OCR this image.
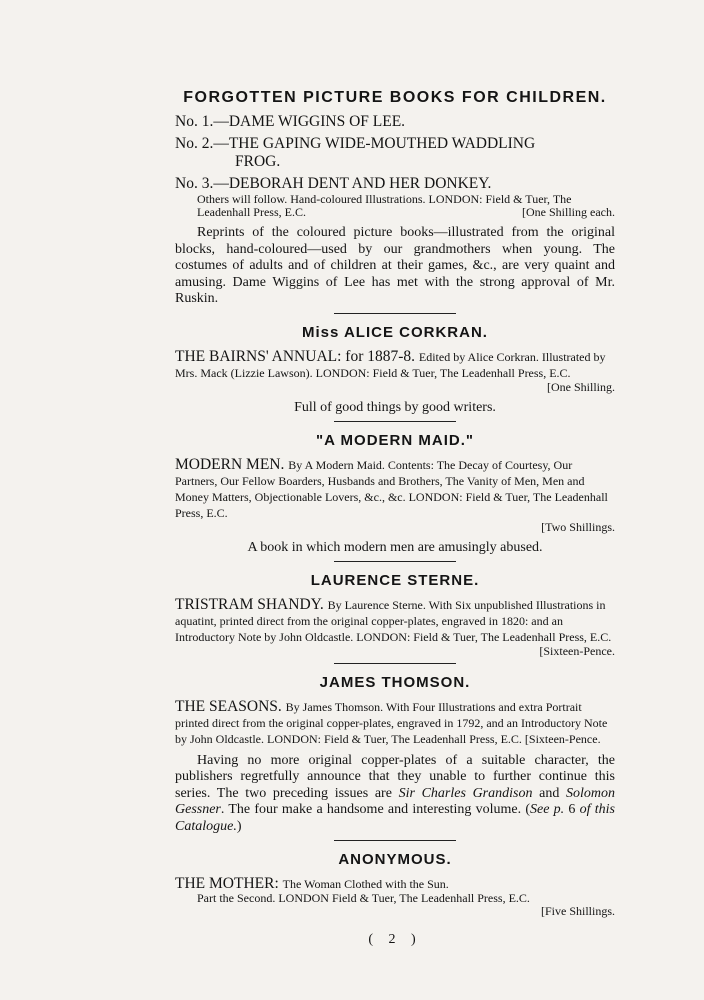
FORGOTTEN PICTURE BOOKS FOR CHILDREN.

No. 1.—DAME WIGGINS OF LEE.

No. 2.—THE GAPING WIDE-MOUTHED WADDLING
FROG.

No. 3.—DEBORAH DENT AND HER DONKEY.

Others will follow. Hand-coloured Illustrations. LONDON: Field & Tuer, The Leadenhall Press, E.C.	[One Shilling each.

Reprints of the coloured picture books—illustrated from the original blocks, hand-coloured—used by our grandmothers when young. The costumes of adults and of children at their games, &c., are very quaint and amusing. Dame Wiggins of Lee has met with the strong approval of Mr. Ruskin.

Miss ALICE CORKRAN.

THE BAIRNS' ANNUAL: for 1887-8. Edited by Alice Corkran. Illustrated by Mrs. Mack (Lizzie Lawson). LONDON: Field & Tuer, The Leadenhall Press, E.C.

[One Shilling.

Full of good things by good writers.

"A MODERN MAID."

MODERN MEN. By A Modern Maid. Contents: The Decay of Courtesy, Our Partners, Our Fellow Boarders, Husbands and Brothers, The Vanity of Men, Men and Money Matters, Objectionable Lovers, &c., &c. LONDON: Field & Tuer, The Leadenhall Press, E.C.

[Two Shillings.

A book in which modern men are amusingly abused.

LAURENCE STERNE.

TRISTRAM SHANDY. By Laurence Sterne. With Six unpublished Illustrations in aquatint, printed direct from the original copper-plates, engraved in 1820: and an Introductory Note by John Oldcastle. LONDON: Field & Tuer, The Leadenhall Press, E.C.

[Sixteen-Pence.

JAMES THOMSON.

THE SEASONS. By James Thomson. With Four Illustrations and extra Portrait printed direct from the original copper-plates, engraved in 1792, and an Introductory Note by John Oldcastle. LONDON: Field & Tuer, The Leadenhall Press, E.C. [Sixteen-Pence.

Having no more original copper-plates of a suitable character, the publishers regretfully announce that they unable to further continue this series. The two preceding issues are Sir Charles Grandison and Solomon Gessner. The four make a handsome and interesting volume. (See p. 6 of this Catalogue.)

ANONYMOUS.

THE MOTHER: The Woman Clothed with the Sun.

Part the Second. LONDON Field & Tuer, The Leadenhall Press, E.C.
[Five Shillings.

( 2 )
